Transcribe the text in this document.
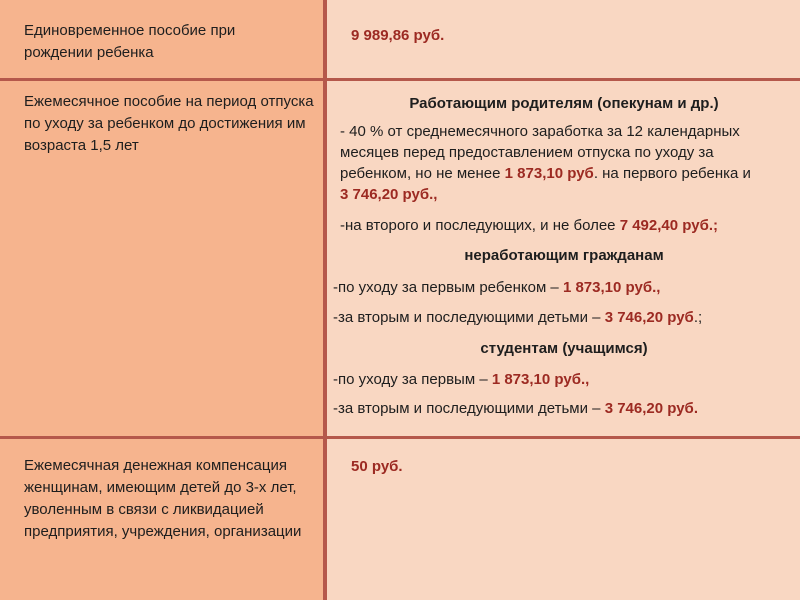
Единовременное пособие при рождении ребенка
9 989,86 руб.
Ежемесячное пособие на период отпуска по уходу за ребенком до достижения им возраста 1,5 лет
Работающим родителям (опекунам и др.)
- 40 % от среднемесячного заработка за 12 календарных месяцев перед предоставлением отпуска по уходу за ребенком, но не менее 1 873,10 руб. на первого ребенка и 3 746,20 руб.,
-на второго и последующих, и не более 7 492,40 руб.;
неработающим гражданам
-по уходу за первым ребенком – 1 873,10 руб.,
-за вторым и последующими детьми – 3 746,20 руб.;
студентам (учащимся)
-по уходу за первым – 1 873,10 руб.,
-за вторым и последующими детьми – 3 746,20 руб.
Ежемесячная денежная компенсация женщинам, имеющим детей до 3-х лет, уволенным в связи с ликвидацией предприятия, учреждения, организации
50 руб.
